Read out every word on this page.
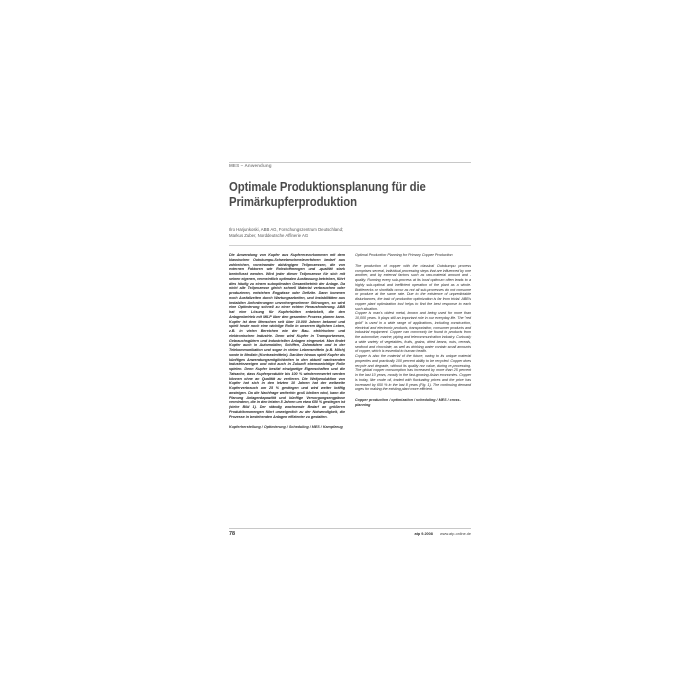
MES – Anwendung
Optimale Produktionsplanung für die Primärkupferproduktion
Ilro Harjunkoski, ABB AG, Forschungszentrum Deutschland;
Markus Zuber, Norddeutsche Affinerie AG

Die Anwendung von Kupfer aus Kupfererzvorkommen mit dem klassischen Outokumpu-Schwebeschmelzverfahren bedarf aus zahlreichen, voneinander abhängigen Teilprozessen, die von externen Faktoren wie Rohstoffmengen und -qualität stark beeinflusst werden. Wird jeder dieser Teilprozesse für sich mit seinen eigenen, vermeintlich optimalen Ausfassung betrieben, führt dies häufig zu einem suboptimalen Gesamtbetrieb der Anlage. Da nicht alle Teilprozesse gleich schnell Material verbrauchen oder produzieren, entstehen Engpässe oder Defizite. Dann kommen noch Ausfallzeiten durch Wartungsarbeiten, und Instabilitäten aus instabilen Anforderungen unvorhergesehener Störungen, so wird eine Optimierung schnell zu einer echten Herausforderung. ABB hat eine Lösung für Kupferhütten entwickelt, die den Anlagenbetrieb mit MILP über den gesamten Prozess planen kann. Kupfer ist dem Menschen seit über 10.000 Jahren bekannt und spielt heute noch eine wichtige Rolle in unserem täglichen Leben, z.B. in vielen Bereichen wie der Bau- elektrischen und elektronischen Industrie. Denn wird Kupfer in Transportwesen, Gebrauchsgütern und industriellen Anlagen eingesetzt. Man findet Kupfer auch in Automobilen, Schiffen, Zahnrädern und in der Telekommunikation und sogar in vielen Lebensmitteln (z.B. Milch) sowie in Medizin (Kontrastmitteln). Darüber hinaus spielt Kupfer als künftiges Anwendungsmöglichkeiten in den aktuell wachsenden Industriezweigen und wird auch in Zukunft ebensowichtige Rolle spielen. Denn Kupfer besitzt einzigartige Eigenschaften und die Tatsache, dass Kupferprodukte bis 100 % wiederverwertet werden können ohne an Qualität zu verlieren. Die Weltproduktion von Kupfer hat sich in den letzten 10 Jahren hat der weltweite Kupferverbrauch um 25 % gestiegen und wird weiter kräftig ansteigen. Da die Nachfrage weiterhin groß bleiben wird, kann die Planung Anlagenkapazität und künftige Versorgungsengpässe vermindern, die in den letzten 8 Jahren um etwa 650 % gestiegen ist (siehe Bild 1). Der ständig wachsende Bedarf an größeren Produktionsmengen führt unweigerlich zu der Notwendigkeit, die Prozesse in bestehenden Anlagen effizienter zu gestalten.

Kupferherstellung / Optimierung / Scheduling / MES / Kampfzeug

Optimal Production Planning for Primary Copper Production

The production of copper with the classical Outokumpu process comprises several, individual processing steps that are influenced by one another, and by external factors such as raw-material amount and -quality. Running every sub-process at its local optimum often leads to a highly sub-optimal and inefficient operation of the plant as a whole. Bottlenecks or shortfalls occur as not all sub-processes do not consume or produce at the same rate. Due to the existence of unpredictable disturbances, the task of production optimization is far from trivial. ABB's copper plant optimization tool helps to find the best response to each such situation.

Copper is man's oldest metal, known and being used for more than 10,000 years. It plays still an important role in our everyday life. The "red gold" is used in a wide range of applications, including construction, electrical and electronic products, transportation, consumer products and industrial equipment. Copper can commonly be found in products from the automotive, marine, piping and telecommunication industry. Curiously a wide variety of vegetables, fruits, grains, dried beans, nuts, cereals, seafood and chocolate, as well as drinking water contain small amounts of copper, which is essential to human health.

Copper is also the material of the future, owing to its unique material properties and practically 100 percent ability to be recycled. Copper does recycle and degrade, without its quality nor value, during re-processing. The global copper consumption has increased by more than 25 percent in the last 10 years, mostly in the fast-growing Asian economies. Copper is today, like crude oil, traded with fluctuating prices and the price has increased by 650 % in the last 8 years (Fig. 1). The continuing demand urges for making the existing plant more efficient.

Copper production / optimization / scheduling / MES / cross-planning

78	atp 9.2008 www.atp-online.de
